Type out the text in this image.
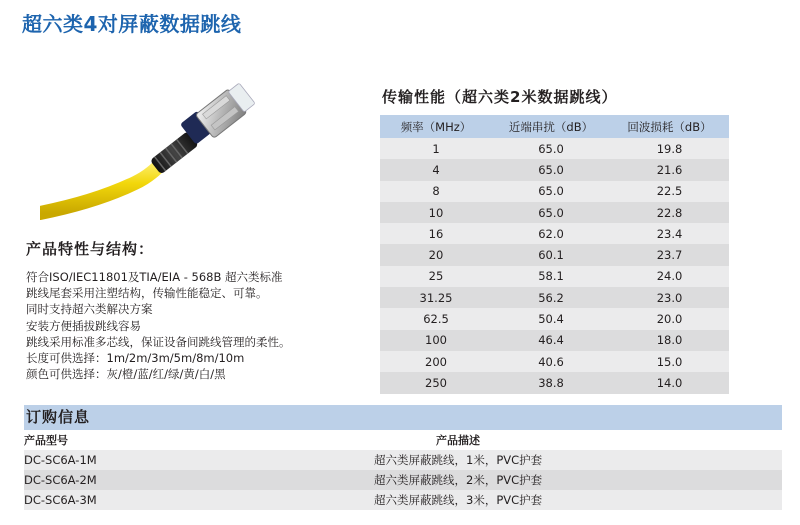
超六类4对屏蔽数据跳线
产品特性与结构：
符合ISO/IEC11801及TIA/EIA - 568B 超六类标准
跳线尾套采用注塑结构，传输性能稳定、可靠。
同时支持超六类解决方案
安装方便插拔跳线容易
跳线采用标准多芯线，保证设备间跳线管理的柔性。
长度可供选择：1m/2m/3m/5m/8m/10m
颜色可供选择：灰/橙/蓝/红/绿/黄/白/黑
传输性能（超六类2米数据跳线）
频率（MHz）	近端串扰（dB）	回波损耗（dB）
1	65.0	19.8
4	65.0	21.6
8	65.0	22.5
10	65.0	22.8
16	62.0	23.4
20	60.1	23.7
25	58.1	24.0
31.25	56.2	23.0
62.5	50.4	20.0
100	46.4	18.0
200	40.6	15.0
250	38.8	14.0
订购信息
产品型号	产品描述
DC-SC6A-1M	超六类屏蔽跳线，1米，PVC护套
DC-SC6A-2M	超六类屏蔽跳线，2米，PVC护套
DC-SC6A-3M	超六类屏蔽跳线，3米，PVC护套
